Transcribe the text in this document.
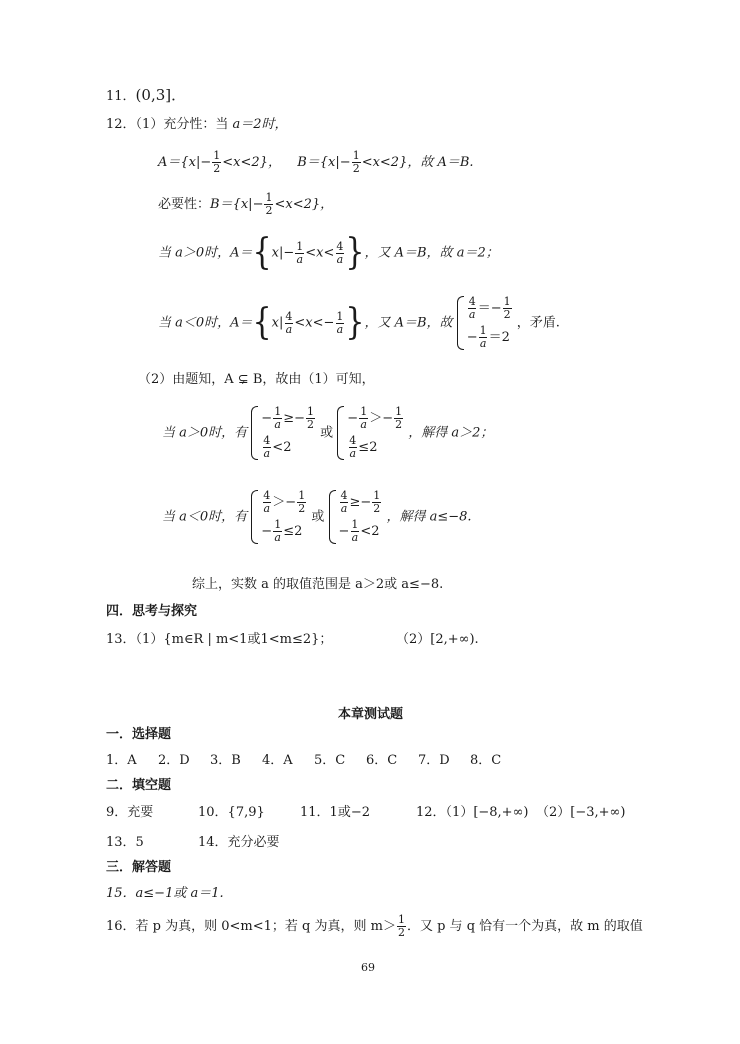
11．(0,3]．
12．（1）充分性：当 a＝2时，
$A=\{x|- \frac{1}{2} <x<2\}$， $B=\{x|- \frac{1}{2} <x<2\}$，故 A＝B.
必要性：$B=\{x|- \frac{1}{2} <x<2\}$，
当 a＞0时，$A=\{x|- \frac{1}{a} <x< \frac{4}{a}$ }，又 A＝B，故 a＝2；
当 a＜0时，$A=\{x| \frac{4}{a} <x<- \frac{1}{a}$ }，又 A＝B，故
$\frac{4}{a} =- \frac{1}{2}$
− $\frac{1}{a} =2$
，矛盾.
（2）由题知，A ⊊ B，故由（1）可知，
当 a＞0时，有
− $\frac{1}{a} \ge- \frac{1}{2}$
$\frac{4}{a} <2$
或
− $\frac{1}{a} >- \frac{1}{2}$
$\frac{4}{a} \le 2$
，解得 a＞2；
当 a＜0时，有
$\frac{4}{a} >- \frac{1}{2}$
− $\frac{1}{a} \le 2$
或
$\frac{4}{a} \ge- \frac{1}{2}$
− $\frac{1}{a} <2$
，解得 a≤−8.
综上，实数 a 的取值范围是 a＞2或 a≤−8.
四．思考与探究
13．（1）{m∈R | m<1或1<m≤2}；	（2）[2,+∞).
本章测试题
一．选择题
1．A 2．D 3．B 4．A 5．C 6．C 7．D 8．C
二．填空题
9．充要	10．{7,9}	11．1或−2	12．（1）[−8,+∞) （2）[−3,+∞)
13．5	14．充分必要
三．解答题
15．a≤−1或 a＝1.
16．若 p 为真，则 0<m<1；若 q 为真，则 $m> \frac{1}{2}$ ．又 p 与 q 恰有一个为真，故 m 的取值
69
